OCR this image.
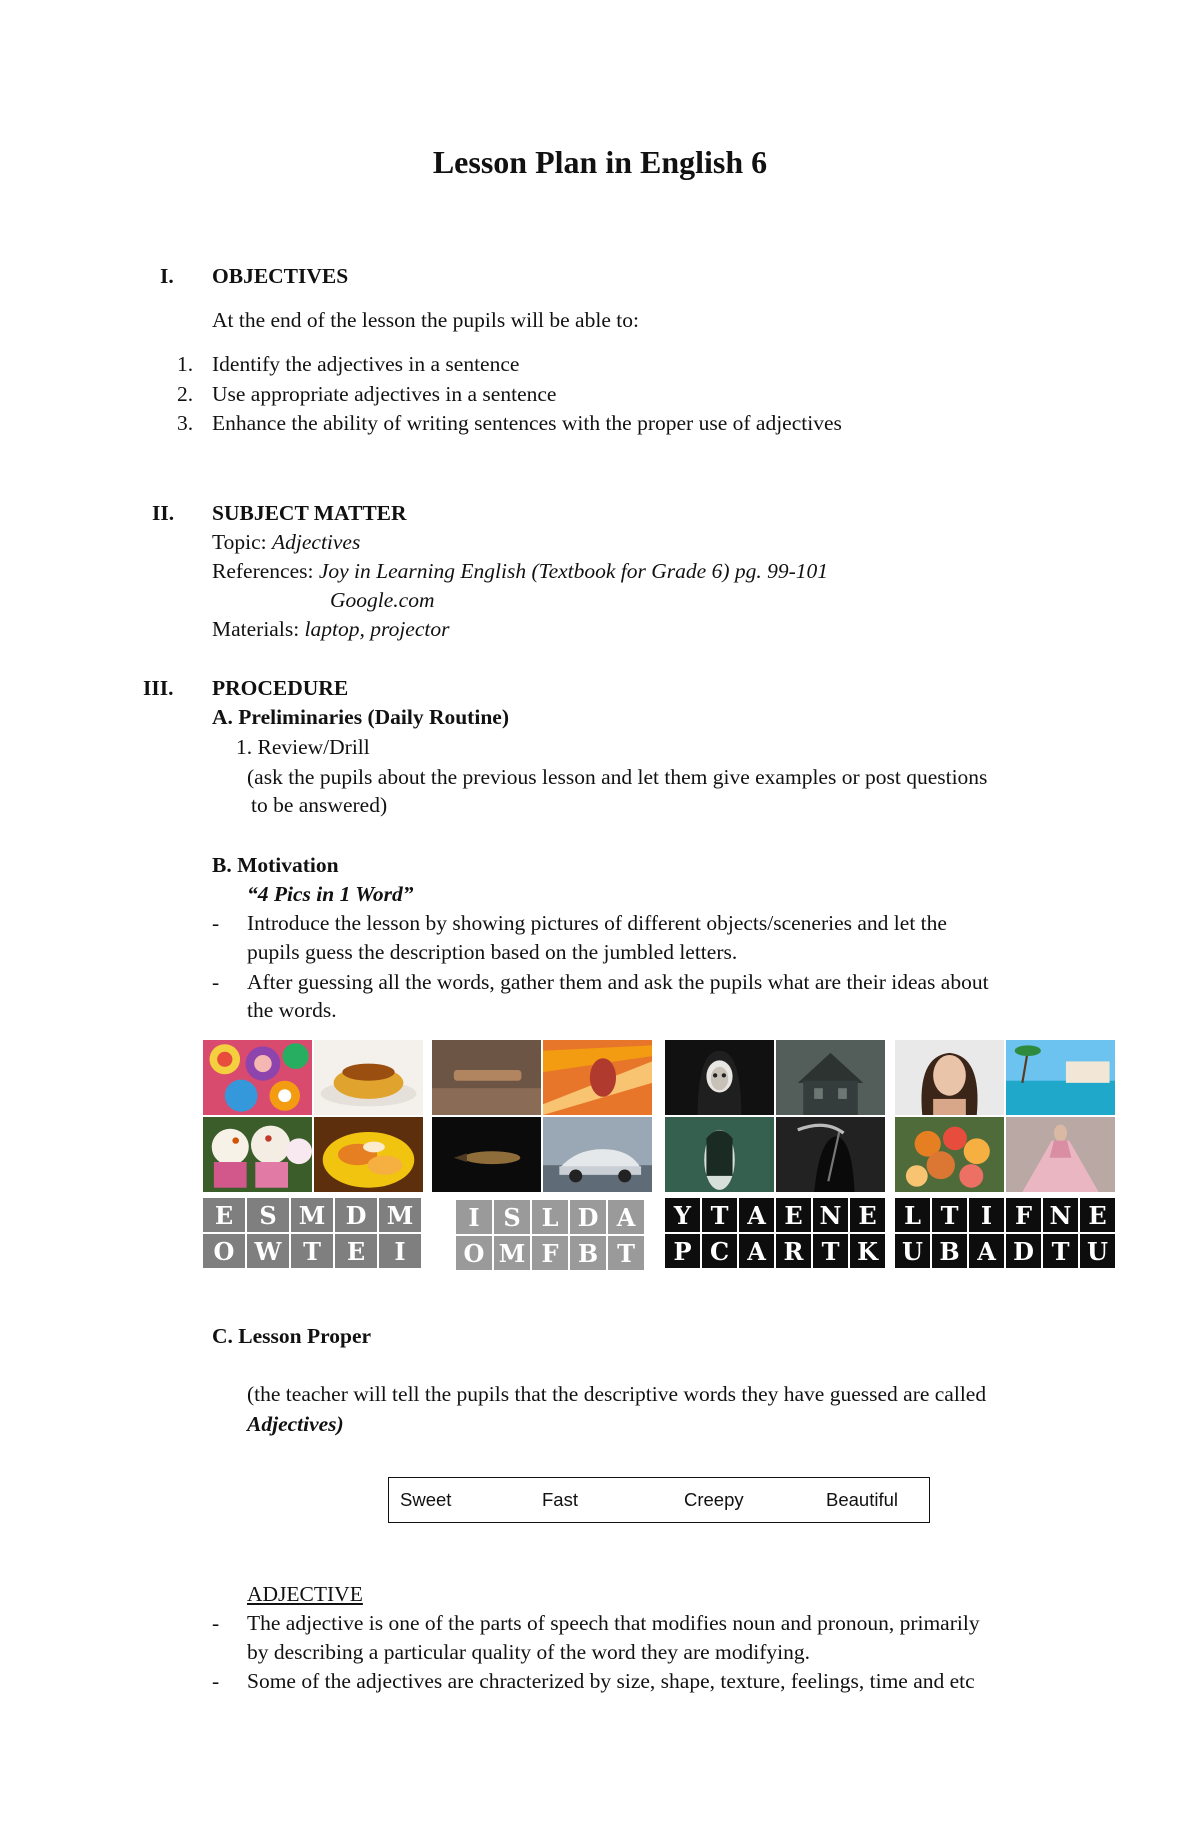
Lesson Plan in English 6
I. OBJECTIVES
At the end of the lesson the pupils will be able to:
1. Identify the adjectives in a sentence
2. Use appropriate adjectives in a sentence
3. Enhance the ability of writing sentences with the proper use of adjectives
II. SUBJECT MATTER
Topic: Adjectives
References: Joy in Learning English (Textbook for Grade 6) pg. 99-101
Google.com
Materials: laptop, projector
III. PROCEDURE
A. Preliminaries (Daily Routine)
1. Review/Drill
(ask the pupils about the previous lesson and let them give examples or post questions
to be answered)
B. Motivation
“4 Pics in 1 Word”
- Introduce the lesson by showing pictures of different objects/sceneries and let the
pupils guess the description based on the jumbled letters.
- After guessing all the words, gather them and ask the pupils what are their ideas about
the words.
E	S M D M
O W T	E	I
I S L D A
O M F B T
Y T A E N E
P C A R T K
L T I F N E
U B A D T U
C. Lesson Proper
(the teacher will tell the pupils that the descriptive words they have guessed are called
Adjectives)
Sweet	Fast	Creepy	Beautiful
ADJECTIVE
- The adjective is one of the parts of speech that modifies noun and pronoun, primarily
by describing a particular quality of the word they are modifying.
- Some of the adjectives are chracterized by size, shape, texture, feelings, time and etc
